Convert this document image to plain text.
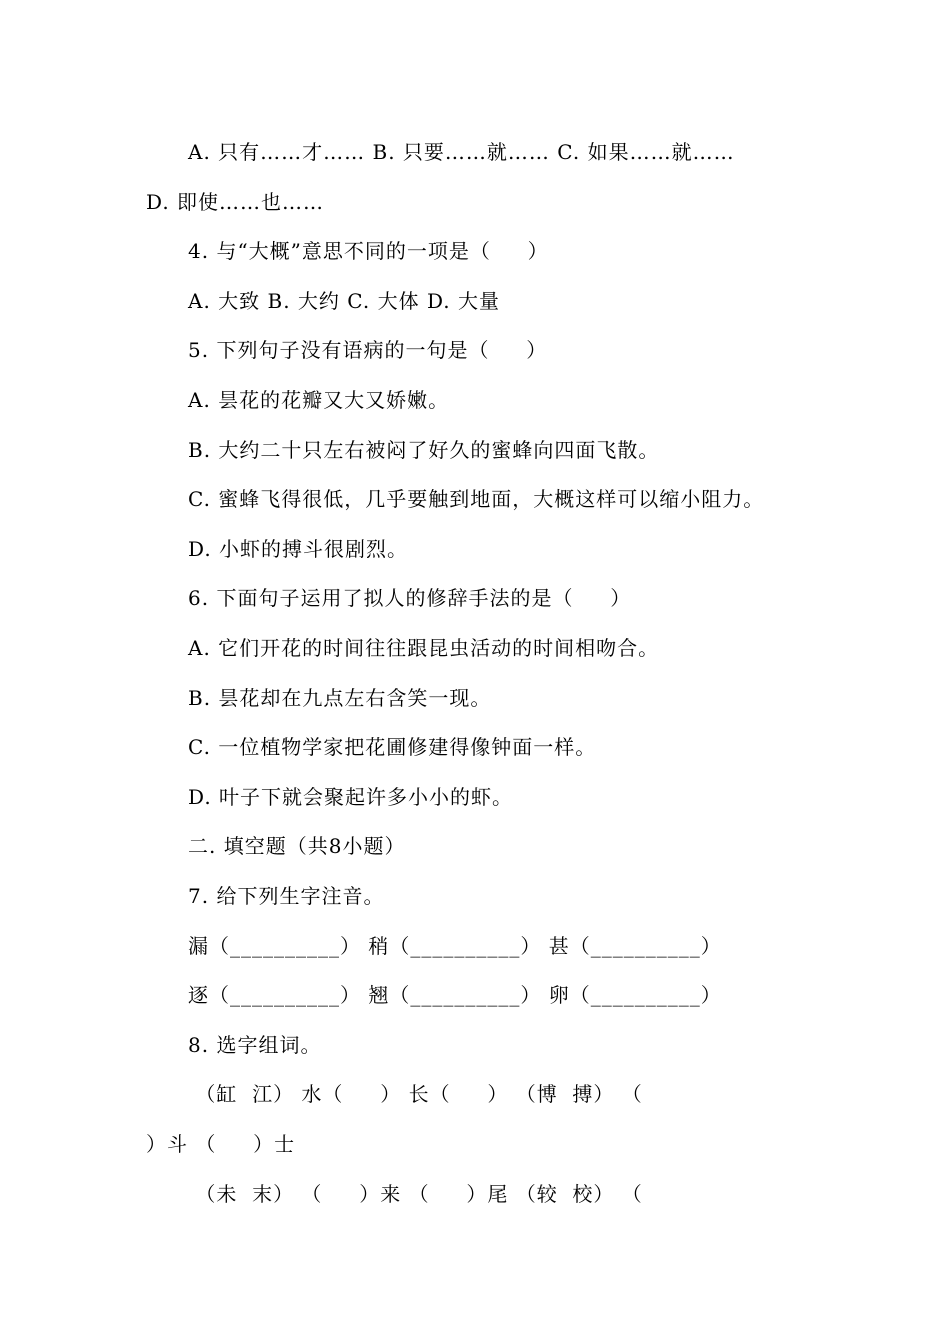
A. 只有……才…… B. 只要……就…… C. 如果……就……
D. 即使……也……
4. 与“大概”意思不同的一项是（     ）
A. 大致 B. 大约 C. 大体 D. 大量
5. 下列句子没有语病的一句是（     ）
A. 昙花的花瓣又大又娇嫩。
B. 大约二十只左右被闷了好久的蜜蜂向四面飞散。
C. 蜜蜂飞得很低，几乎要触到地面，大概这样可以缩小阻力。
D. 小虾的搏斗很剧烈。
6. 下面句子运用了拟人的修辞手法的是（     ）
A. 它们开花的时间往往跟昆虫活动的时间相吻合。
B. 昙花却在九点左右含笑一现。
C. 一位植物学家把花圃修建得像钟面一样。
D. 叶子下就会聚起许多小小的虾。
二. 填空题（共8小题）
7. 给下列生字注音。
漏（__________） 稍（__________） 甚（__________）
逐（__________） 翘（__________） 卵（__________）
8. 选字组词。
（缸  江） 水（     ） 长（     ） （博  搏） （
）斗 （     ）士
（未  末） （     ）来 （     ）尾 （较  校） （
